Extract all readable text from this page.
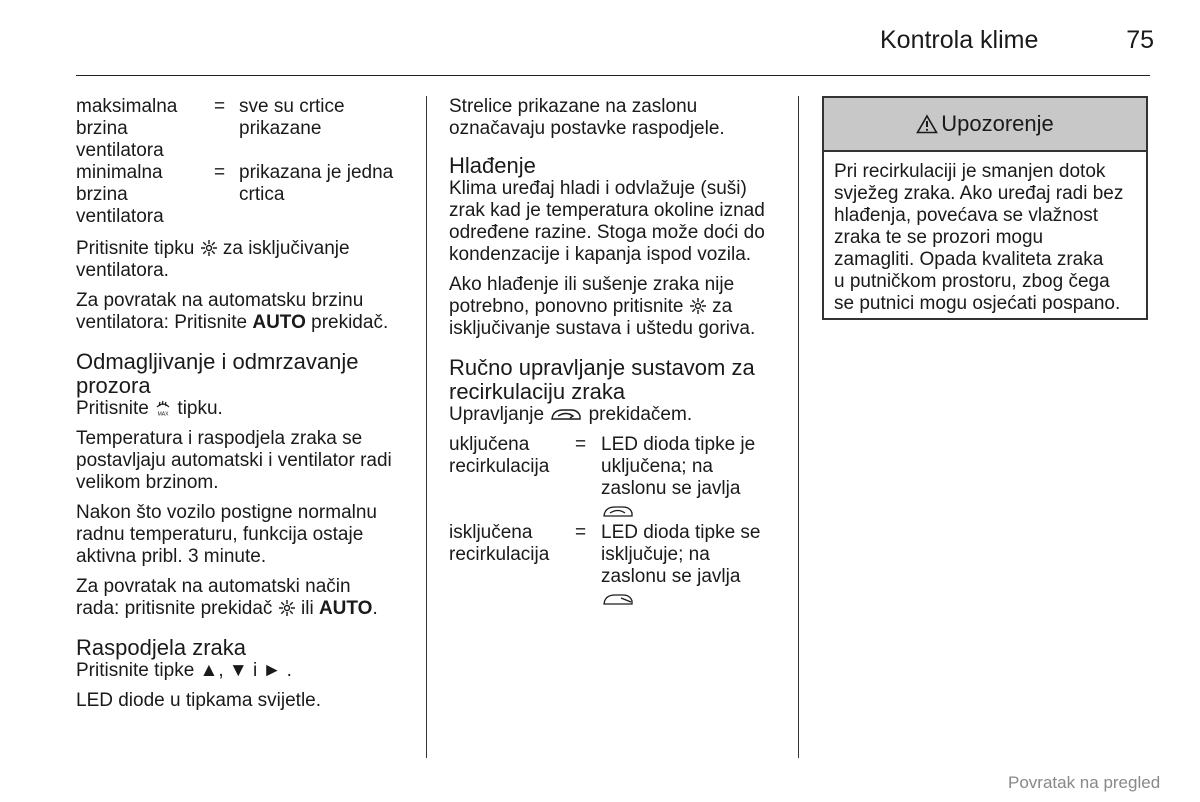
Kontrola klime	75
maksimalna
brzina
ventilatora
= sve su crtice
prikazane
minimalna
brzina
ventilatora
= prikazana je jedna
crtica

Pritisnite tipku za isključivanje
ventilatora.

Za povratak na automatsku brzinu
ventilatora: Pritisnite AUTO prekidač.

Odmagljivanje i odmrzavanje
prozora

Pritisnite MAX tipku.

Temperatura i raspodjela zraka se
postavljaju automatski i ventilator radi
velikom brzinom.

Nakon što vozilo postigne normalnu
radnu temperaturu, funkcija ostaje
aktivna pribl. 3 minute.

Za povratak na automatski način
rada: pritisnite prekidač ili AUTO.

Raspodjela zraka

Pritisnite tipke ▲, ▼ i ► .

LED diode u tipkama svijetle.

Strelice prikazane na zaslonu
označavaju postavke raspodjele.

Hlađenje

Klima uređaj hladi i odvlažuje (suši)
zrak kad je temperatura okoline iznad
određene razine. Stoga može doći do
kondenzacije i kapanja ispod vozila.

Ako hlađenje ili sušenje zraka nije
potrebno, ponovno pritisnite za
isključivanje sustava i uštedu goriva.

Ručno upravljanje sustavom za
recirkulaciju zraka

Upravljanje prekidačem.

uključena
recirkulacija
= LED dioda tipke je
uključena; na
zaslonu se javlja
isključena
recirkulacija
= LED dioda tipke se
isključuje; na
zaslonu se javlja
Upozorenje
Pri recirkulaciji je smanjen dotok
svježeg zraka. Ako uređaj radi bez
hlađenja, povećava se vlažnost
zraka te se prozori mogu
zamagliti. Opada kvaliteta zraka
u putničkom prostoru, zbog čega
se putnici mogu osjećati pospano.
Povratak na pregled
